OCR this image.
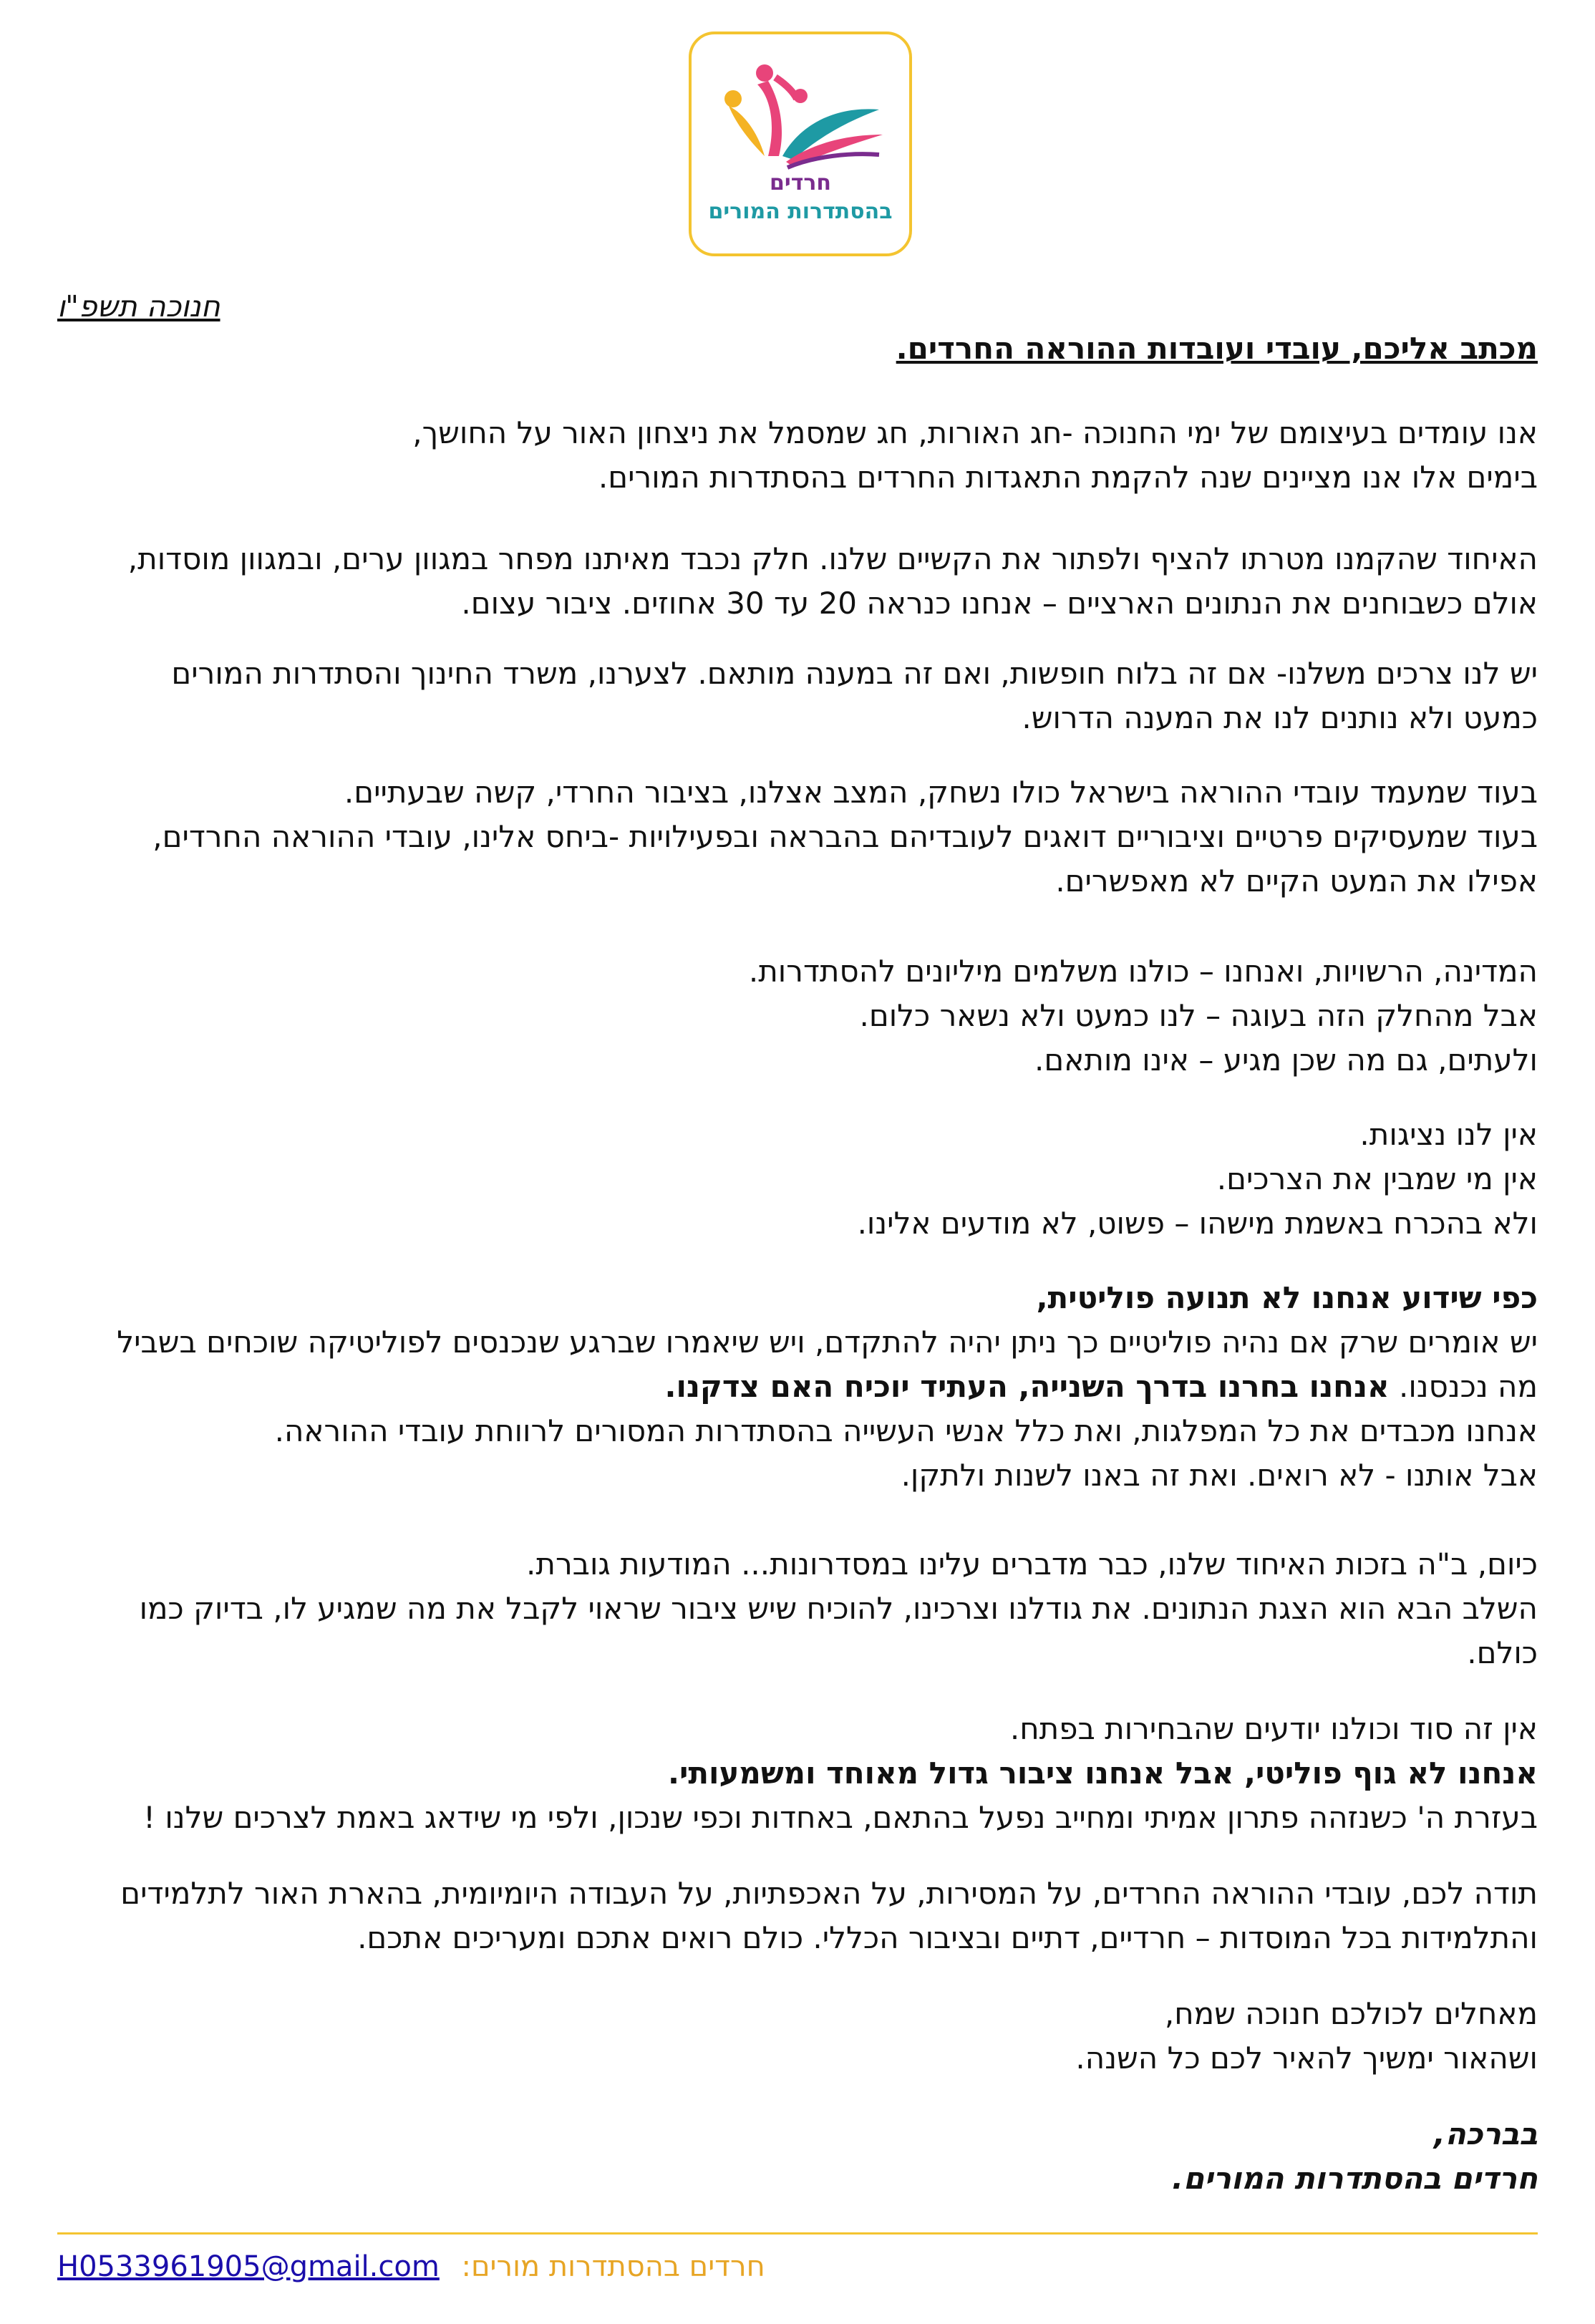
חרדים
בהסתדרות המורים
חנוכה תשפ"ו
מכתב אליכם, עובדי ועובדות ההוראה החרדים.
אנו עומדים בעיצומם של ימי החנוכה -חג האורות, חג שמסמל את ניצחון האור על החושך,
בימים אלו אנו מציינים שנה להקמת התאגדות החרדים בהסתדרות המורים.
האיחוד שהקמנו מטרתו להציף ולפתור את הקשיים שלנו. חלק נכבד מאיתנו מפחר במגוון ערים, ובמגוון מוסדות,
אולם כשבוחנים את הנתונים הארציים – אנחנו כנראה 20 עד 30 אחוזים. ציבור עצום.
יש לנו צרכים משלנו- אם זה בלוח חופשות, ואם זה במענה מותאם. לצערנו, משרד החינוך והסתדרות המורים
כמעט ולא נותנים לנו את המענה הדרוש.
בעוד שמעמד עובדי ההוראה בישראל כולו נשחק, המצב אצלנו, בציבור החרדי, קשה שבעתיים.
בעוד שמעסיקים פרטיים וציבוריים דואגים לעובדיהם בהבראה ובפעילויות -ביחס אלינו, עובדי ההוראה החרדים,
אפילו את המעט הקיים לא מאפשרים.
המדינה, הרשויות, ואנחנו – כולנו משלמים מיליונים להסתדרות.
אבל מהחלק הזה בעוגה – לנו כמעט ולא נשאר כלום.
ולעתים, גם מה שכן מגיע – אינו מותאם.
אין לנו נציגות.
אין מי שמבין את הצרכים.
ולא בהכרח באשמת מישהו – פשוט, לא מודעים אלינו.
כפי שידוע אנחנו לא תנועה פוליטית,
יש אומרים שרק אם נהיה פוליטיים כך ניתן יהיה להתקדם, ויש שיאמרו שברגע שנכנסים לפוליטיקה שוכחים בשביל
מה נכנסנו. אנחנו בחרנו בדרך השנייה, העתיד יוכיח האם צדקנו.
אנחנו מכבדים את כל המפלגות, ואת כלל אנשי העשייה בהסתדרות המסורים לרווחת עובדי ההוראה.
אבל אותנו - לא רואים. ואת זה באנו לשנות ולתקן.
כיום, ב"ה בזכות האיחוד שלנו, כבר מדברים עלינו במסדרונות... המודעות גוברת.
השלב הבא הוא הצגת הנתונים. את גודלנו וצרכינו, להוכיח שיש ציבור שראוי לקבל את מה שמגיע לו, בדיוק כמו
כולם.
אין זה סוד וכולנו יודעים שהבחירות בפתח.
אנחנו לא גוף פוליטי, אבל אנחנו ציבור גדול מאוחד ומשמעותי.
בעזרת ה' כשנזהה פתרון אמיתי ומחייב נפעל בהתאם, באחדות וכפי שנכון, ולפי מי שידאג באמת לצרכים שלנו !
תודה לכם, עובדי ההוראה החרדים, על המסירות, על האכפתיות, על העבודה היומיומית, בהארת האור לתלמידים
והתלמידות בכל המוסדות – חרדיים, דתיים ובציבור הכללי. כולם רואים אתכם ומעריכים אתכם.
מאחלים לכולכם חנוכה שמח,
ושהאור ימשיך להאיר לכם כל השנה.
בברכה,
חרדים בהסתדרות המורים.
H0533961905@gmail.com חרדים בהסתדרות מורים:
